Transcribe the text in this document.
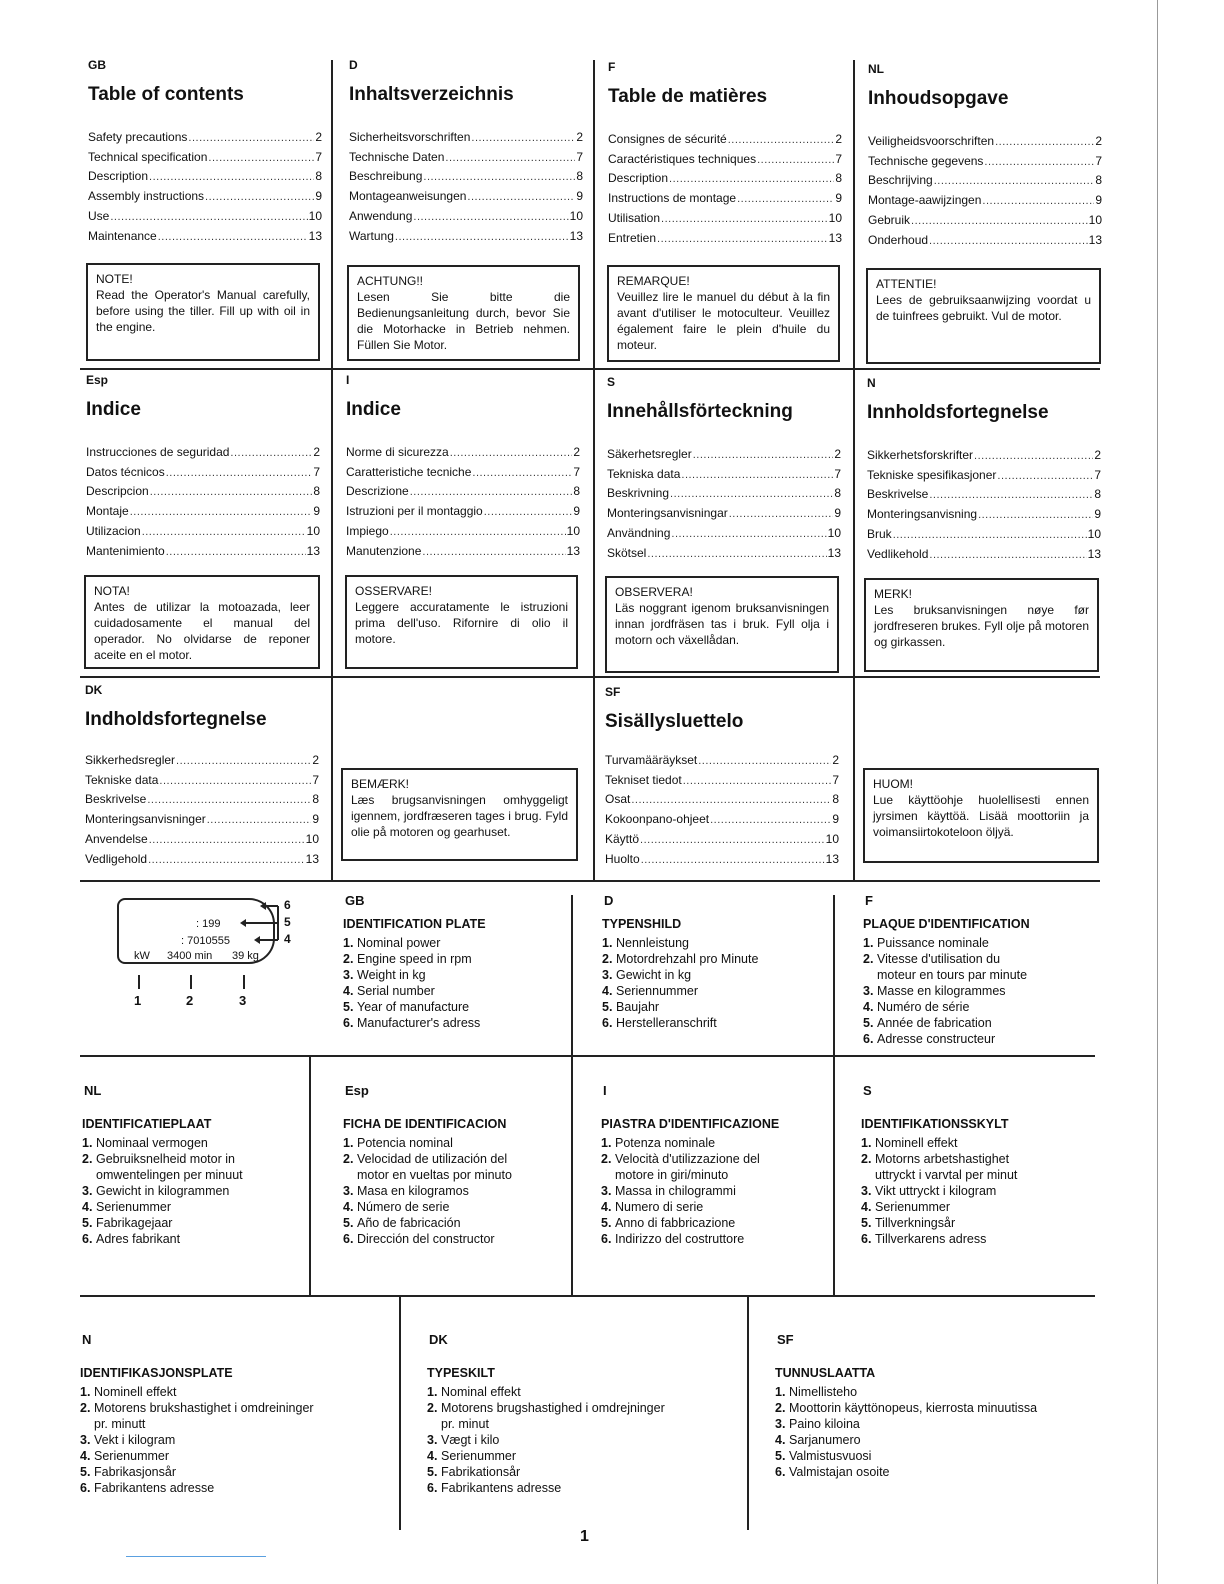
GB
Table of contents
Safety precautions .....	2
Technical specification .....	7
Description .....	8
Assembly instructions .....	9
Use .....	10
Maintenance .....	13
NOTE!
Read the Operator's Manual carefully, before using the tiller. Fill up with oil in the engine.
D
Inhaltsverzeichnis
Sicherheitsvorschriften .....	2
Technische Daten .....	7
Beschreibung .....	8
Montageanweisungen .....	9
Anwendung .....	10
Wartung .....	13
ACHTUNG!!
Lesen Sie bitte die Bedienungsanleitung durch, bevor Sie die Motorhacke in Betrieb nehmen. Füllen Sie Motor.
F
Table de matières
Consignes de sécurité .....	2
Caractéristiques techniques .....	7
Description .....	8
Instructions de montage .....	9
Utilisation .....	10
Entretien .....	13
REMARQUE!
Veuillez lire le manuel du début à la fin avant d'utiliser le motoculteur. Veuillez également faire le plein d'huile du moteur.
NL
Inhoudsopgave
Veiligheidsvoorschriften .....	2
Technische gegevens .....	7
Beschrijving .....	8
Montage-aawijzingen .....	9
Gebruik .....	10
Onderhoud .....	13
ATTENTIE!
Lees de gebruiksaanwijzing voordat u de tuinfrees gebruikt. Vul de motor.
Esp
Indice
Instrucciones de seguridad .....	2
Datos técnicos .....	7
Descripcion .....	8
Montaje .....	9
Utilizacion .....	10
Mantenimiento .....	13
NOTA!
Antes de utilizar la motoazada, leer cuidadosamente el manual del operador. No olvidarse de reponer aceite en el motor.
I
Indice
Norme di sicurezza .....	2
Caratteristiche tecniche .....	7
Descrizione .....	8
Istruzioni per il montaggio .....	9
Impiego .....	10
Manutenzione .....	13
OSSERVARE!
Leggere accuratamente le istruzioni prima dell'uso. Rifornire di olio il motore.
S
Innehållsförteckning
Säkerhetsregler .....	2
Tekniska data .....	7
Beskrivning .....	8
Monteringsanvisningar .....	9
Användning .....	10
Skötsel .....	13
OBSERVERA!
Läs noggrant igenom bruksanvisningen innan jordfräsen tas i bruk. Fyll olja i motorn och växellådan.
N
Innholdsfortegnelse
Sikkerhetsforskrifter .....	2
Tekniske spesifikasjoner .....	7
Beskrivelse .....	8
Monteringsanvisning .....	9
Bruk .....	10
Vedlikehold .....	13
MERK!
Les bruksanvisningen nøye før jordfreseren brukes. Fyll olje på motoren og girkassen.
DK
Indholdsfortegnelse
Sikkerhedsregler .....	2
Tekniske data .....	7
Beskrivelse .....	8
Monteringsanvisninger .....	9
Anvendelse .....	10
Vedligehold .....	13
BEMÆRK!
Læs brugsanvisningen omhyggeligt igennem, jordfræseren tages i brug. Fyld olie på motoren og gearhuset.
SF
Sisällysluettelo
Turvamääräykset .....	2
Tekniset tiedot .....	7
Osat .....	8
Kokoonpano-ohjeet .....	9
Käyttö .....	10
Huolto .....	13
HUOM!
Lue käyttöohje huolellisesti ennen jyrsimen käyttöä. Lisää moottoriin ja voimansiirtokoteloon öljyä.
: 199
: 7010555
kW 3400 min 39 kg
6
5
4
1	2	3
GB
IDENTIFICATION PLATE
1. Nominal power
2. Engine speed in rpm
3. Weight in kg
4. Serial number
5. Year of manufacture
6. Manufacturer's adress
D
TYPENSHILD
1. Nennleistung
2. Motordrehzahl pro Minute
3. Gewicht in kg
4. Seriennummer
5. Baujahr
6. Herstelleranschrift
F
PLAQUE D'IDENTIFICATION
1. Puissance nominale
2. Vitesse d'utilisation du
moteur en tours par minute
3. Masse en kilogrammes
4. Numéro de série
5. Année de fabrication
6. Adresse constructeur
NL
IDENTIFICATIEPLAAT
1. Nominaal vermogen
2. Gebruiksnelheid motor in
omwentelingen per minuut
3. Gewicht in kilogrammen
4. Serienummer
5. Fabrikagejaar
6. Adres fabrikant
Esp
FICHA DE IDENTIFICACION
1. Potencia nominal
2. Velocidad de utilización del
motor en vueltas por minuto
3. Masa en kilogramos
4. Número de serie
5. Año de fabricación
6. Dirección del constructor
I
PIASTRA D'IDENTIFICAZIONE
1. Potenza nominale
2. Velocità d'utilizzazione del
motore in giri/minuto
3. Massa in chilogrammi
4. Numero di serie
5. Anno di fabbricazione
6. Indirizzo del costruttore
S
IDENTIFIKATIONSSKYLT
1. Nominell effekt
2. Motorns arbetshastighet
uttryckt i varvtal per minut
3. Vikt uttryckt i kilogram
4. Serienummer
5. Tillverkningsår
6. Tillverkarens adress
N
IDENTIFIKASJONSPLATE
1. Nominell effekt
2. Motorens brukshastighet i omdreininger
pr. minutt
3. Vekt i kilogram
4. Serienummer
5. Fabrikasjonsår
6. Fabrikantens adresse
DK
TYPESKILT
1. Nominal effekt
2. Motorens brugshastighed i omdrejninger
pr. minut
3. Vægt i kilo
4. Serienummer
5. Fabrikationsår
6. Fabrikantens adresse
SF
TUNNUSLAATTA
1. Nimellisteho
2. Moottorin käyttönopeus, kierrosta minuutissa
3. Paino kiloina
4. Sarjanumero
5. Valmistusvuosi
6. Valmistajan osoite
1
